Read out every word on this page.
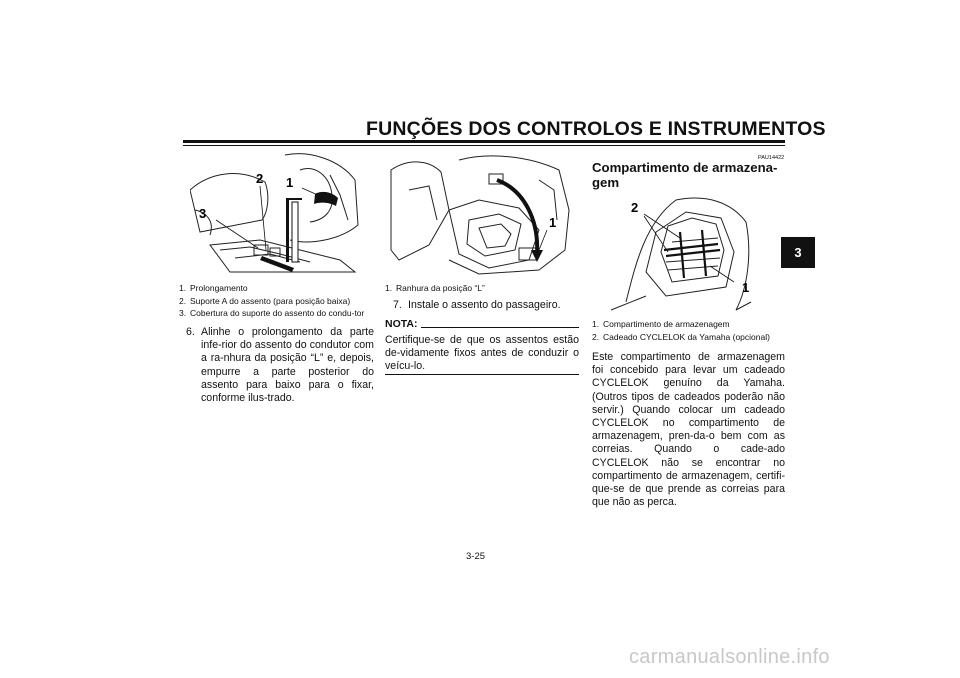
FUNÇÕES DOS CONTROLOS E INSTRUMENTOS
3
2 1
3
1. Prolongamento
2. Suporte A do assento (para posição baixa)
3. Cobertura do suporte do assento do condu-tor
6. Alinhe o prolongamento da parte infe-rior do assento do condutor com a ra-nhura da posição “L” e, depois, empurre a parte posterior do assento para baixo para o fixar, conforme ilus-trado.
1
1. Ranhura da posição “L”
7. Instale o assento do passageiro.
NOTA:
Certifique-se de que os assentos estão de-vidamente fixos antes de conduzir o veícu-lo.
PAU14422
Compartimento de armazena-
gem
2
1
1. Compartimento de armazenagem
2. Cadeado CYCLELOK da Yamaha (opcional)
Este compartimento de armazenagem foi concebido para levar um cadeado CYCLELOK genuíno da Yamaha. (Outros tipos de cadeados poderão não servir.) Quando colocar um cadeado CYCLELOK no compartimento de armazenagem, pren-da-o bem com as correias. Quando o cade-ado CYCLELOK não se encontrar no compartimento de armazenagem, certifi-que-se de que prende as correias para que não as perca.
3-25
carmanualsonline.info
